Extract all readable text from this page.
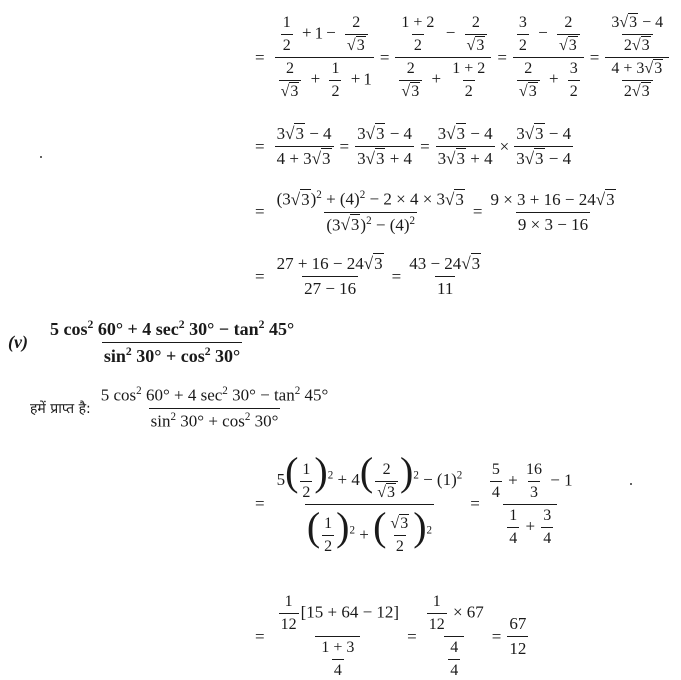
= $\frac{\frac{1}{2} + 1 - \frac{2}{√3}}{\frac{2}{√3} + \frac{1}{2} + 1} = \frac{\frac{1 + 2}{2} - \frac{2}{√3}}{\frac{2}{√3} + \frac{1 + 2}{2}} = \frac{\frac{3}{2} - \frac{2}{√3}}{\frac{2}{√3} + \frac{3}{2}} = \frac{\frac{3√3 - 4}{2√3}}{\frac{4 + 3√3}{2√3}}$
= $\frac{3√3 - 4}{4 + 3√3} = \frac{3√3 - 4}{3√3 + 4} = \frac{3√3 - 4}{3√3 + 4} \times \frac{3√3 - 4}{3√3 - 4}$
= $\frac{(3√3)^2 + (4)^2 - 2 \times 4 \times 3√3}{(3√3)^2 - (4)^2} = \frac{9 \times 3 + 16 - 24√3}{9 \times 3 - 16}$
= $\frac{27 + 16 - 24√3}{27 - 16} = \frac{43 - 24√3}{11}$
$(v) \frac{5 \cos^2 60^\circ + 4 \sec^2 30^\circ - \tan^2 45^\circ}{\sin^2 30^\circ + \cos^2 30^\circ}$
हमें प्राप्त है: $\frac{5 \cos^2 60^\circ + 4 \sec^2 30^\circ - \tan^2 45^\circ}{\sin^2 30^\circ + \cos^2 30^\circ}$
= $\frac{5( \frac{1}{2} )^2 + 4( \frac{2}{√3} )^2 - (1)^2}{( \frac{1}{2} )^2 + ( \frac{√3}{2} )^2} = \frac{\frac{5}{4} + \frac{16}{3} - 1}{\frac{1}{4} + \frac{3}{4}}$
= $\frac{\frac{1}{12} [15 + 64 - 12]}{\frac{1 + 3}{4}} = \frac{\frac{1}{12} \times 67}{\frac{4}{4}} = \frac{67}{12}$
